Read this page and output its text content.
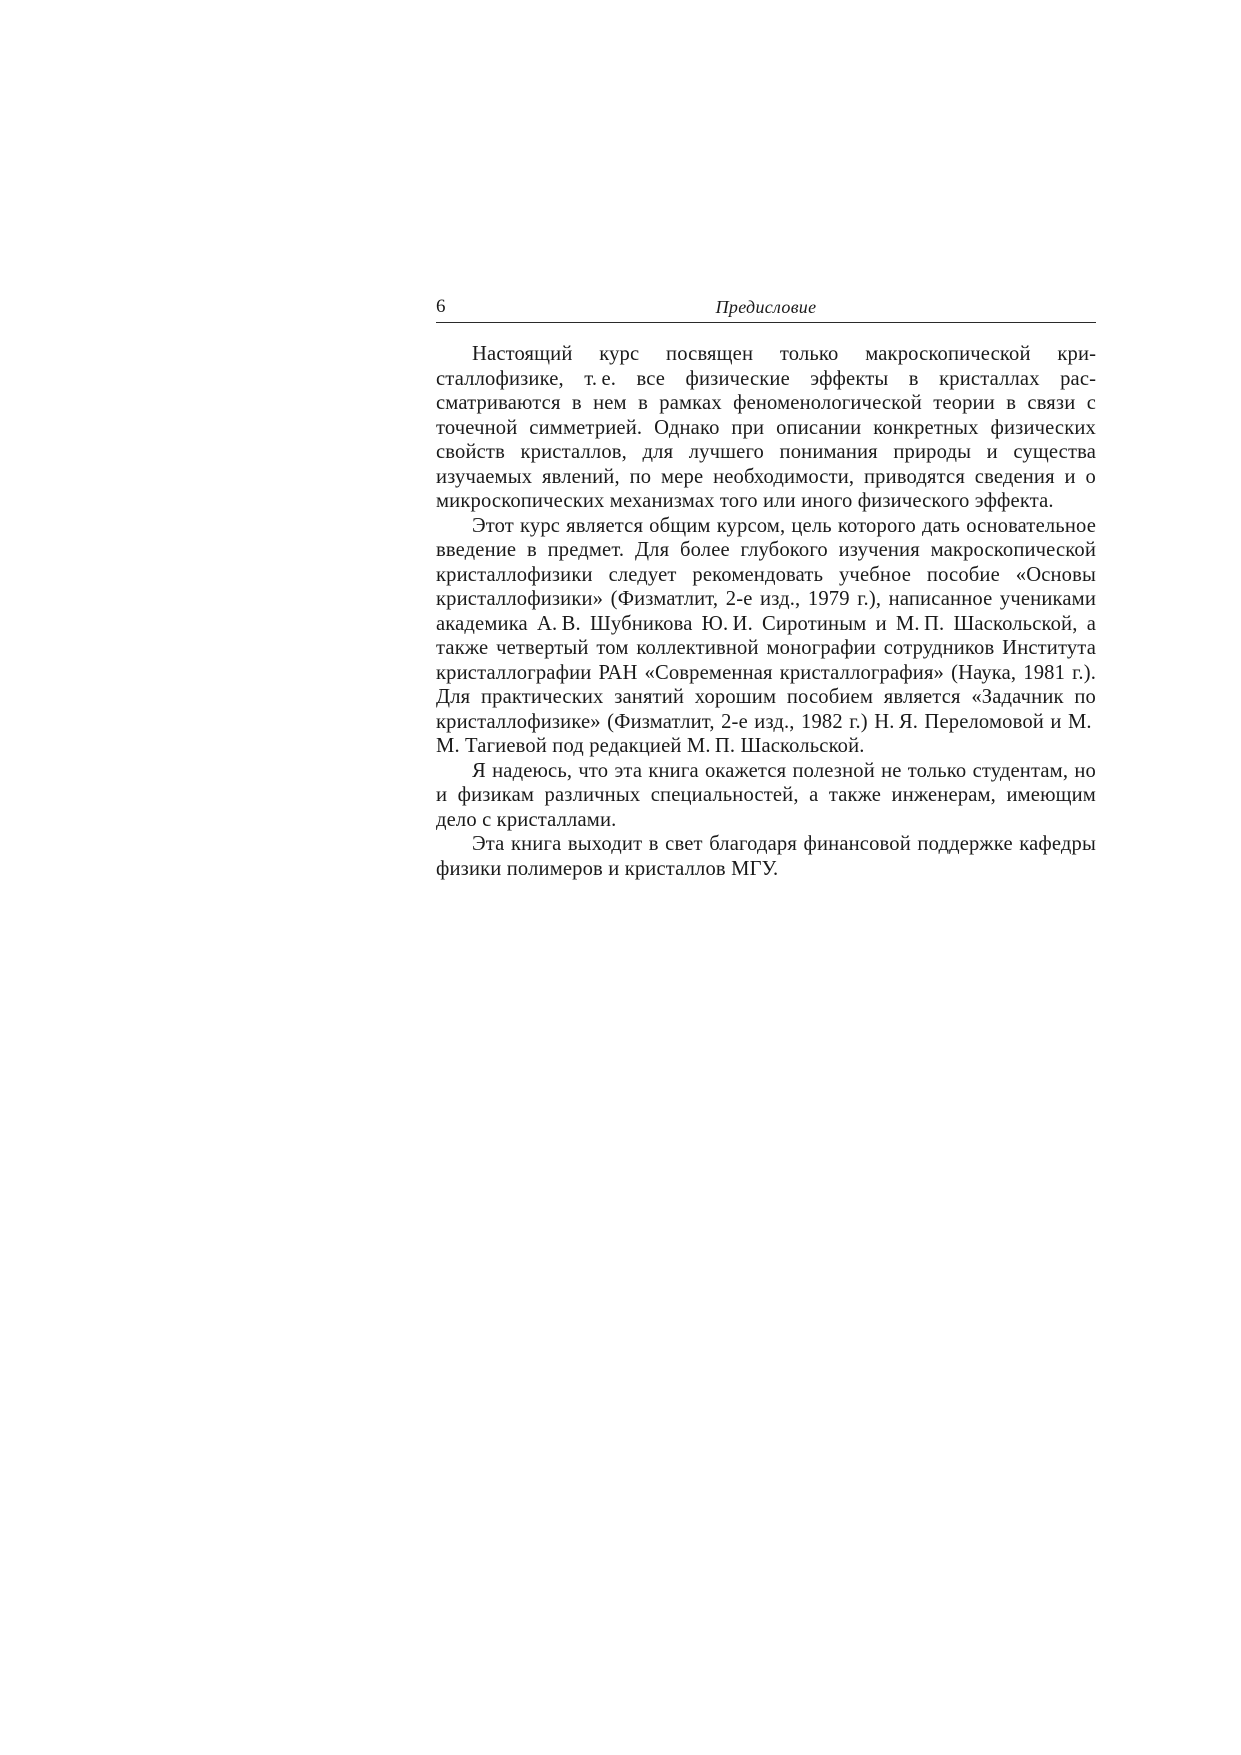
6	Предисловие

Настоящий курс посвящен только макроскопической кристаллофизике, т. е. все физические эффекты в кристаллах рассматриваются в нем в рамках феноменологической теории в связи с точечной симметрией. Однако при описании конкретных физических свойств кристаллов, для лучшего понимания природы и существа изучаемых явлений, по мере необходимости, приводятся сведения и о микроскопических механизмах того или иного физического эффекта.

Этот курс является общим курсом, цель которого дать основательное введение в предмет. Для более глубокого изучения макроскопической кристаллофизики следует рекомендовать учебное пособие «Основы кристаллофизики» (Физматлит, 2-е изд., 1979 г.), написанное учениками академика А. В. Шубникова Ю. И. Сиротиным и М. П. Шаскольской, а также четвертый том коллективной монографии сотрудников Института кристаллографии РАН «Современная кристаллография» (Наука, 1981 г.). Для практических занятий хорошим пособием является «Задачник по кристаллофизике» (Физматлит, 2-е изд., 1982 г.) Н. Я. Переломовой и М. М. Тагиевой под редакцией М. П. Шаскольской.

Я надеюсь, что эта книга окажется полезной не только студентам, но и физикам различных специальностей, а также инженерам, имеющим дело с кристаллами.

Эта книга выходит в свет благодаря финансовой поддержке кафедры физики полимеров и кристаллов МГУ.
